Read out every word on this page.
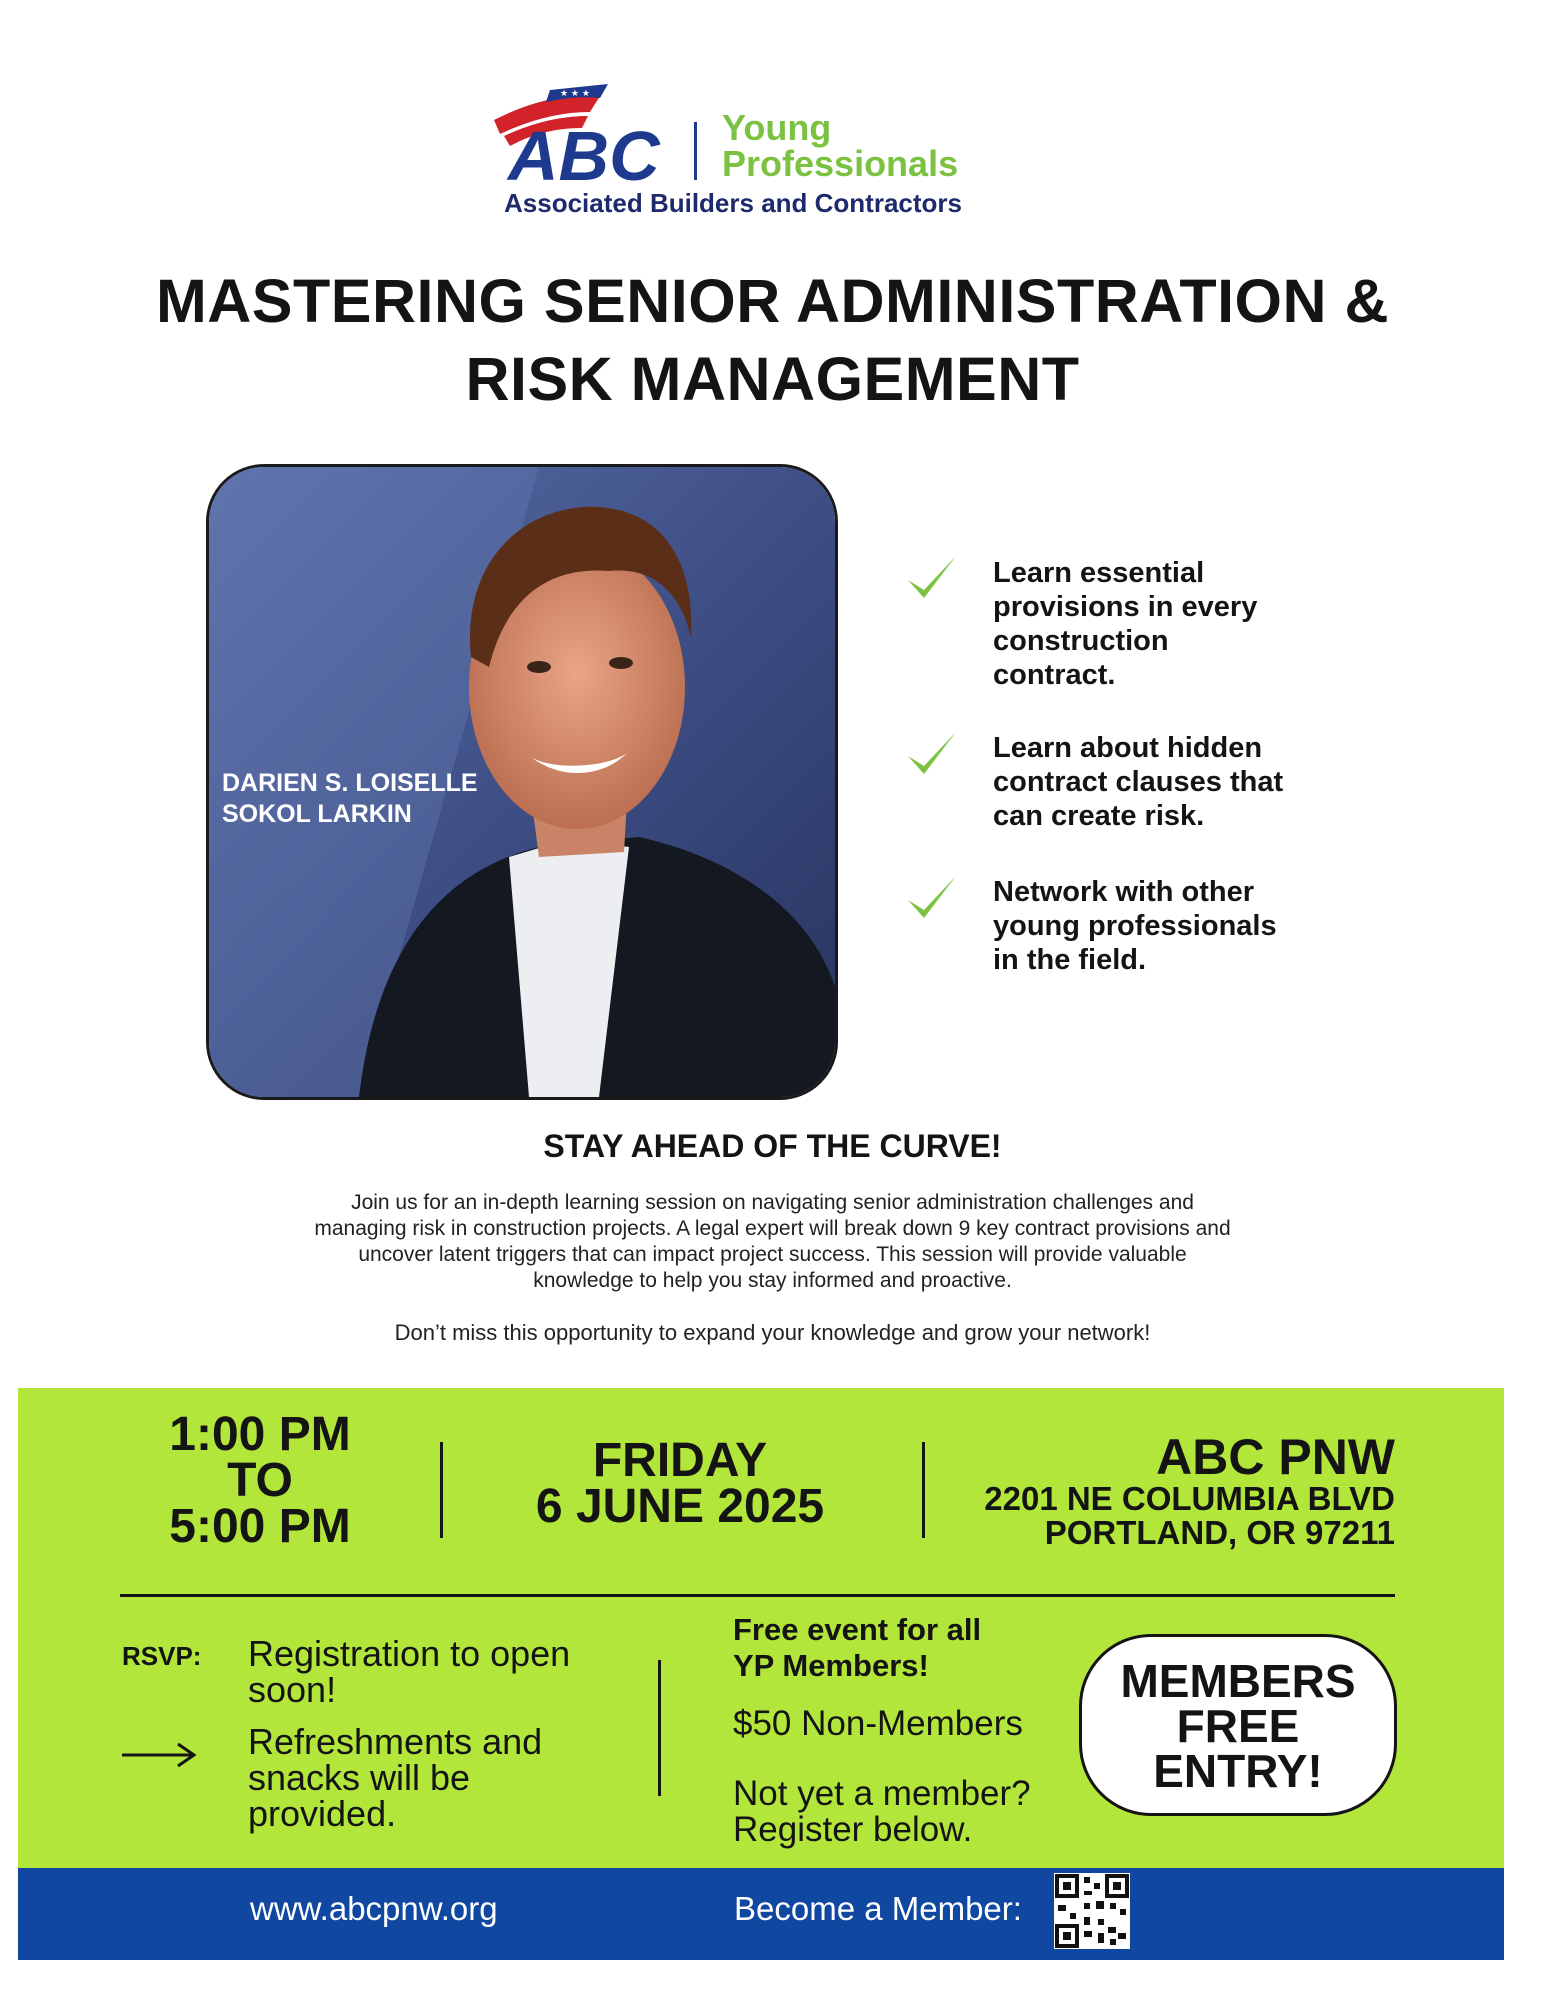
★ ★ ★
ABC Young
Professionals
Associated Builders and Contractors
MASTERING SENIOR ADMINISTRATION &
RISK MANAGEMENT
DARIEN S. LOISELLE
SOKOL LARKIN
Learn essential
provisions in every
construction
contract.
Learn about hidden
contract clauses that
can create risk.
Network with other
young professionals
in the field.
STAY AHEAD OF THE CURVE!
Join us for an in-depth learning session on navigating senior administration challenges and
managing risk in construction projects. A legal expert will break down 9 key contract provisions and
uncover latent triggers that can impact project success. This session will provide valuable
knowledge to help you stay informed and proactive.
Don’t miss this opportunity to expand your knowledge and grow your network!
1:00 PM
TO
5:00 PM
FRIDAY
6 JUNE 2025
ABC PNW
2201 NE COLUMBIA BLVD
PORTLAND, OR 97211
RSVP: Registration to open
soon!
Refreshments and
snacks will be
provided.
Free event for all
YP Members!
$50 Non-Members
Not yet a member?
Register below.
MEMBERS
FREE
ENTRY!
www.abcpnw.org	Become a Member:
